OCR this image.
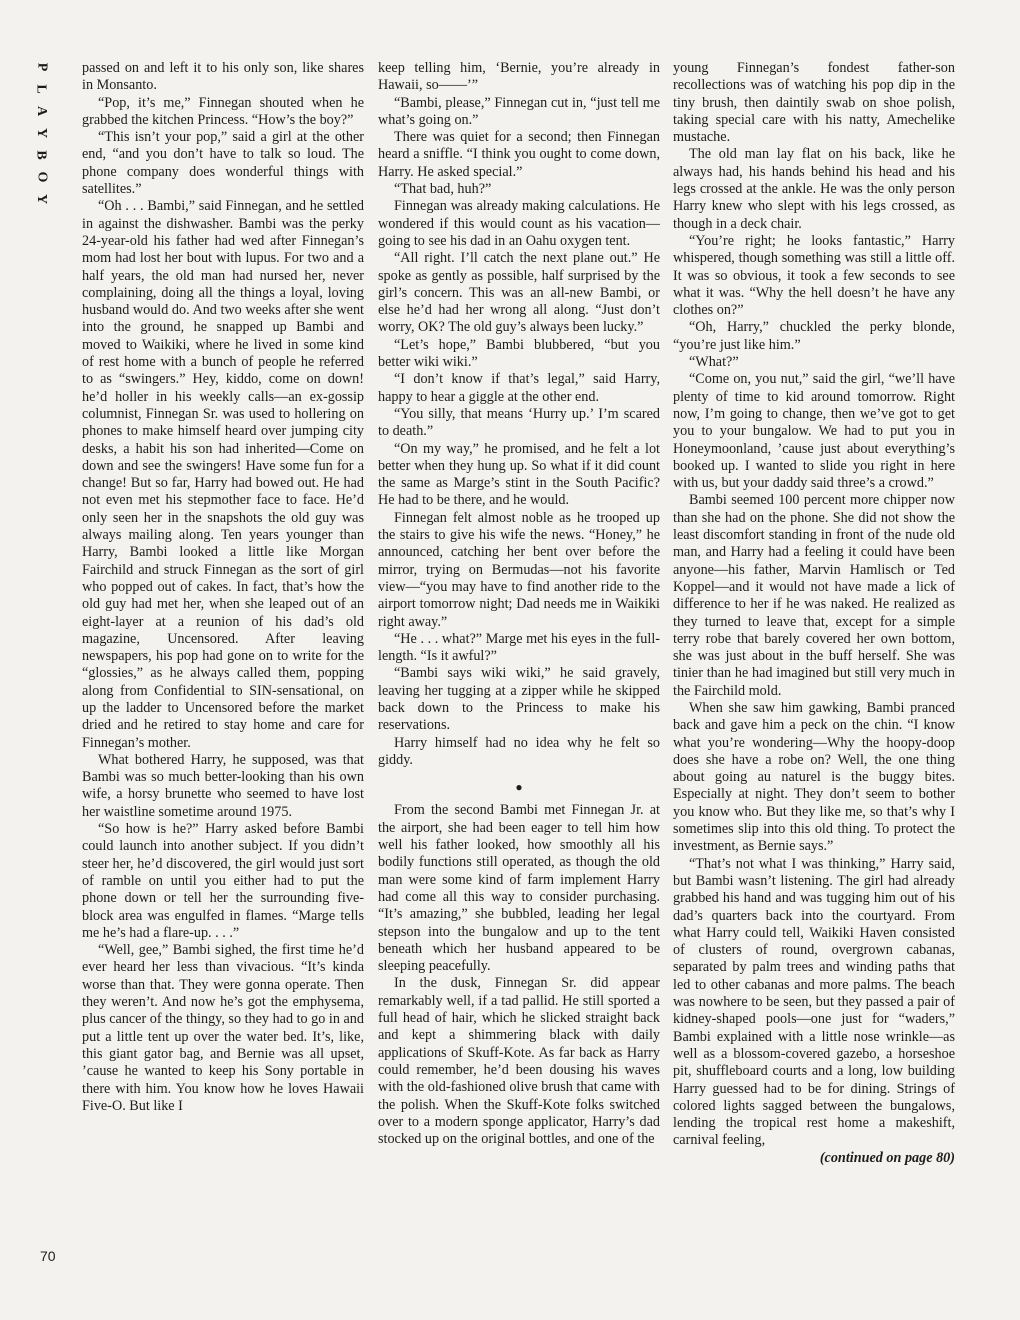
P
L
A
Y
B
O
Y

passed on and left it to his only son, like shares in Monsanto.

“Pop, it’s me,” Finnegan shouted when he grabbed the kitchen Princess. “How’s the boy?”

“This isn’t your pop,” said a girl at the other end, “and you don’t have to talk so loud. The phone company does wonderful things with satellites.”

“Oh . . . Bambi,” said Finnegan, and he settled in against the dishwasher. Bambi was the perky 24-year-old his father had wed after Finnegan’s mom had lost her bout with lupus. For two and a half years, the old man had nursed her, never complaining, doing all the things a loyal, loving husband would do. And two weeks after she went into the ground, he snapped up Bambi and moved to Waikiki, where he lived in some kind of rest home with a bunch of people he referred to as “swingers.” Hey, kiddo, come on down! he’d holler in his weekly calls—an ex-gossip columnist, Finnegan Sr. was used to hollering on phones to make himself heard over jumping city desks, a habit his son had inherited—Come on down and see the swingers! Have some fun for a change! But so far, Harry had bowed out. He had not even met his stepmother face to face. He’d only seen her in the snapshots the old guy was always mailing along. Ten years younger than Harry, Bambi looked a little like Morgan Fairchild and struck Finnegan as the sort of girl who popped out of cakes. In fact, that’s how the old guy had met her, when she leaped out of an eight-layer at a reunion of his dad’s old magazine, Uncensored. After leaving newspapers, his pop had gone on to write for the “glossies,” as he always called them, popping along from Confidential to SIN-sensational, on up the ladder to Uncensored before the market dried and he retired to stay home and care for Finnegan’s mother.

What bothered Harry, he supposed, was that Bambi was so much better-looking than his own wife, a horsy brunette who seemed to have lost her waistline sometime around 1975.

“So how is he?” Harry asked before Bambi could launch into another subject. If you didn’t steer her, he’d discovered, the girl would just sort of ramble on until you either had to put the phone down or tell her the surrounding five-block area was engulfed in flames. “Marge tells me he’s had a flare-up. . . .”

“Well, gee,” Bambi sighed, the first time he’d ever heard her less than vivacious. “It’s kinda worse than that. They were gonna operate. Then they weren’t. And now he’s got the emphysema, plus cancer of the thingy, so they had to go in and put a little tent up over the water bed. It’s, like, this giant gator bag, and Bernie was all upset, ’cause he wanted to keep his Sony portable in there with him. You know how he loves Hawaii Five-O. But like I

keep telling him, ‘Bernie, you’re already in Hawaii, so——’”

“Bambi, please,” Finnegan cut in, “just tell me what’s going on.”

There was quiet for a second; then Finnegan heard a sniffle. “I think you ought to come down, Harry. He asked special.”

“That bad, huh?”

Finnegan was already making calculations. He wondered if this would count as his vacation—going to see his dad in an Oahu oxygen tent.

“All right. I’ll catch the next plane out.” He spoke as gently as possible, half surprised by the girl’s concern. This was an all-new Bambi, or else he’d had her wrong all along. “Just don’t worry, OK? The old guy’s always been lucky.”

“Let’s hope,” Bambi blubbered, “but you better wiki wiki.”

“I don’t know if that’s legal,” said Harry, happy to hear a giggle at the other end.

“You silly, that means ‘Hurry up.’ I’m scared to death.”

“On my way,” he promised, and he felt a lot better when they hung up. So what if it did count the same as Marge’s stint in the South Pacific? He had to be there, and he would.

Finnegan felt almost noble as he trooped up the stairs to give his wife the news. “Honey,” he announced, catching her bent over before the mirror, trying on Bermudas—not his favorite view—“you may have to find another ride to the airport tomorrow night; Dad needs me in Waikiki right away.”

“He . . . what?” Marge met his eyes in the full-length. “Is it awful?”

“Bambi says wiki wiki,” he said gravely, leaving her tugging at a zipper while he skipped back down to the Princess to make his reservations.

Harry himself had no idea why he felt so giddy.

●

From the second Bambi met Finnegan Jr. at the airport, she had been eager to tell him how well his father looked, how smoothly all his bodily functions still operated, as though the old man were some kind of farm implement Harry had come all this way to consider purchasing. “It’s amazing,” she bubbled, leading her legal stepson into the bungalow and up to the tent beneath which her husband appeared to be sleeping peacefully.

In the dusk, Finnegan Sr. did appear remarkably well, if a tad pallid. He still sported a full head of hair, which he slicked straight back and kept a shimmering black with daily applications of Skuff-Kote. As far back as Harry could remember, he’d been dousing his waves with the old-fashioned olive brush that came with the polish. When the Skuff-Kote folks switched over to a modern sponge applicator, Harry’s dad stocked up on the original bottles, and one of the

young Finnegan’s fondest father-son recollections was of watching his pop dip in the tiny brush, then daintily swab on shoe polish, taking special care with his natty, Amechelike mustache.

The old man lay flat on his back, like he always had, his hands behind his head and his legs crossed at the ankle. He was the only person Harry knew who slept with his legs crossed, as though in a deck chair.

“You’re right; he looks fantastic,” Harry whispered, though something was still a little off. It was so obvious, it took a few seconds to see what it was. “Why the hell doesn’t he have any clothes on?”

“Oh, Harry,” chuckled the perky blonde, “you’re just like him.”

“What?”

“Come on, you nut,” said the girl, “we’ll have plenty of time to kid around tomorrow. Right now, I’m going to change, then we’ve got to get you to your bungalow. We had to put you in Honeymoonland, ’cause just about everything’s booked up. I wanted to slide you right in here with us, but your daddy said three’s a crowd.”

Bambi seemed 100 percent more chipper now than she had on the phone. She did not show the least discomfort standing in front of the nude old man, and Harry had a feeling it could have been anyone—his father, Marvin Hamlisch or Ted Koppel—and it would not have made a lick of difference to her if he was naked. He realized as they turned to leave that, except for a simple terry robe that barely covered her own bottom, she was just about in the buff herself. She was tinier than he had imagined but still very much in the Fairchild mold.

When she saw him gawking, Bambi pranced back and gave him a peck on the chin. “I know what you’re wondering—Why the hoopy-doop does she have a robe on? Well, the one thing about going au naturel is the buggy bites. Especially at night. They don’t seem to bother you know who. But they like me, so that’s why I sometimes slip into this old thing. To protect the investment, as Bernie says.”

“That’s not what I was thinking,” Harry said, but Bambi wasn’t listening. The girl had already grabbed his hand and was tugging him out of his dad’s quarters back into the courtyard. From what Harry could tell, Waikiki Haven consisted of clusters of round, overgrown cabanas, separated by palm trees and winding paths that led to other cabanas and more palms. The beach was nowhere to be seen, but they passed a pair of kidney-shaped pools—one just for “waders,” Bambi explained with a little nose wrinkle—as well as a blossom-covered gazebo, a horseshoe pit, shuffleboard courts and a long, low building Harry guessed had to be for dining. Strings of colored lights sagged between the bungalows, lending the tropical rest home a makeshift, carnival feeling,

(continued on page 80)

70
